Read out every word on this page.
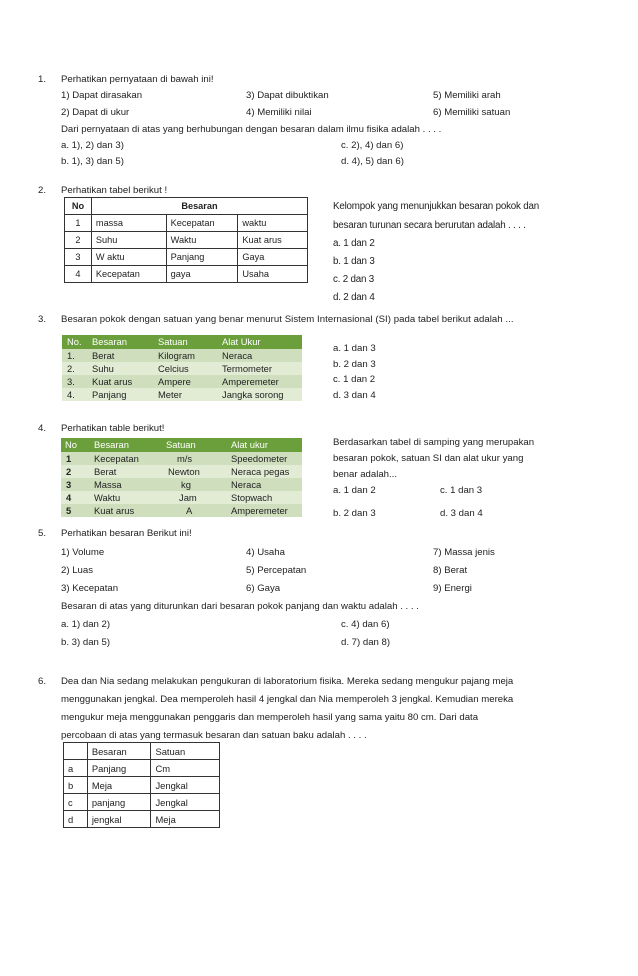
1. Perhatikan pernyataan di bawah ini!
1) Dapat dirasakan
2) Dapat di ukur
3) Dapat dibuktikan
4) Memiliki nilai
5) Memiliki arah
6) Memiliki satuan
Dari pernyataan di atas yang berhubungan dengan besaran dalam ilmu fisika adalah . . . .
a. 1), 2) dan 3)
b. 1), 3) dan 5)
c. 2), 4) dan 6)
d. 4), 5) dan 6)
2. Perhatikan tabel berikut !
No	Besaran		
1	massa	Kecepatan	waktu
2	Suhu	Waktu	Kuat arus
3	W aktu	Panjang	Gaya
4	Kecepatan	gaya	Usaha
Kelompok yang menunjukkan besaran pokok dan
besaran turunan secara berurutan adalah . . . .
a. 1 dan 2
b. 1 dan 3
c. 2 dan 3
d. 2 dan 4
3. Besaran pokok dengan satuan yang benar menurut Sistem Internasional (SI) pada tabel berikut adalah ...
No. Besaran	Satuan	Alat Ukur
1. Berat	Kilogram	Neraca
2. Suhu	Celcius	Termometer
3. Kuat arus	Ampere	Amperemeter
4. Panjang	Meter	Jangka sorong
a. 1 dan 3
b. 2 dan 3
c. 1 dan 2
d. 3 dan 4
4. Perhatikan table berikut!
No Besaran	Satuan	Alat ukur
1 Kecepatan	m/s	Speedometer
2 Berat	Newton	Neraca pegas
3 Massa	kg	Neraca
4 Waktu	Jam	Stopwach
5 Kuat arus	A	Amperemeter
Berdasarkan tabel di samping yang merupakan
besaran pokok, satuan SI dan alat ukur yang
benar adalah...
a. 1 dan 2	c. 1 dan 3
b. 2 dan 3	d. 3 dan 4
5. Perhatikan besaran Berikut ini!
1) Volume
2) Luas
3) Kecepatan
4) Usaha
5) Percepatan
6) Gaya
7) Massa jenis
8) Berat
9) Energi
Besaran di atas yang diturunkan dari besaran pokok panjang dan waktu adalah . . . .
a. 1) dan 2)
b. 3) dan 5)
c. 4) dan 6)
d. 7) dan 8)
6. Dea dan Nia sedang melakukan pengukuran di laboratorium fisika. Mereka sedang mengukur pajang meja
menggunakan jengkal. Dea memperoleh hasil 4 jengkal dan Nia memperoleh 3 jengkal. Kemudian mereka
mengukur meja menggunakan penggaris dan memperoleh hasil yang sama yaitu 80 cm. Dari data
percobaan di atas yang termasuk besaran dan satuan baku adalah . . . .
	Besaran	Satuan
a	Panjang	Cm
b	Meja	Jengkal
c	panjang	Jengkal
d	jengkal	Meja
